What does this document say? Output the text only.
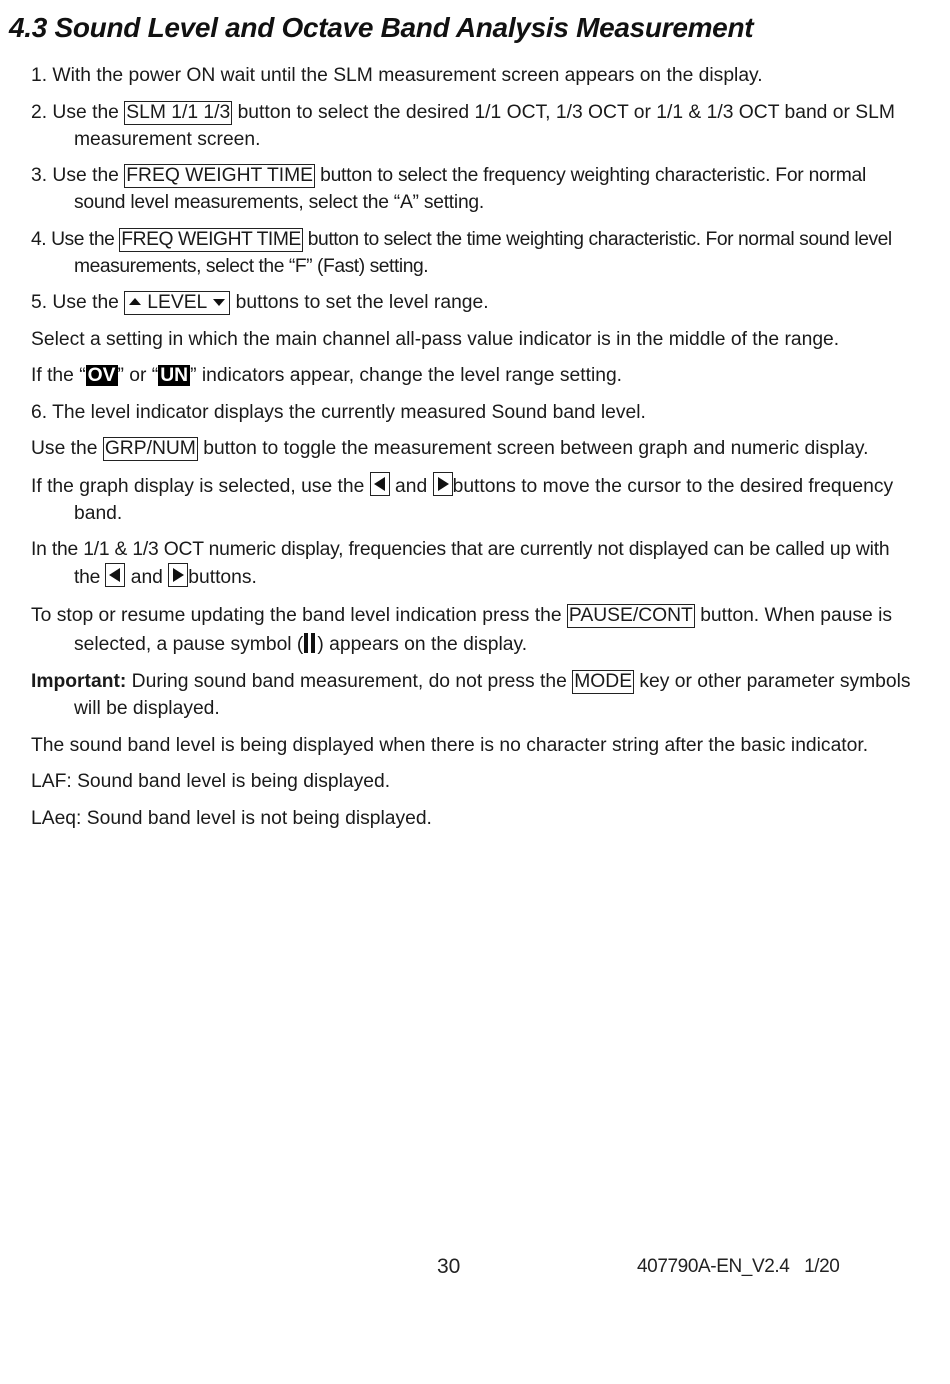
4.3 Sound Level and Octave Band Analysis Measurement

1. With the power ON wait until the SLM measurement screen appears on the display.

2. Use the SLM 1/1 1/3 button to select the desired 1/1 OCT, 1/3 OCT or 1/1 & 1/3 OCT band or SLM measurement screen.

3. Use the FREQ WEIGHT TIME button to select the frequency weighting characteristic. For normal sound level measurements, select the “A” setting.

4. Use the FREQ WEIGHT TIME button to select the time weighting characteristic. For normal sound level measurements, select the “F” (Fast) setting.

5. Use the LEVEL buttons to set the level range.

Select a setting in which the main channel all-pass value indicator is in the middle of the range.

If the “ OV ” or “ UN ” indicators appear, change the level range setting.

6. The level indicator displays the currently measured Sound band level.

Use the GRP/NUM button to toggle the measurement screen between graph and numeric display.

If the graph display is selected, use the
and
buttons to move the cursor to the desired frequency band.

In the 1/1 & 1/3 OCT numeric display, frequencies that are currently not displayed can be called up with the
and
buttons.

To stop or resume updating the band level indication press the PAUSE/CONT button. When pause is selected, a pause symbol ( ) appears on the display.

Important: During sound band measurement, do not press the MODE key or other parameter symbols will be displayed.

The sound band level is being displayed when there is no character string after the basic indicator.

LAF: Sound band level is being displayed.

LAeq: Sound band level is not being displayed.

30	407790A-EN_V2.4   1/20
